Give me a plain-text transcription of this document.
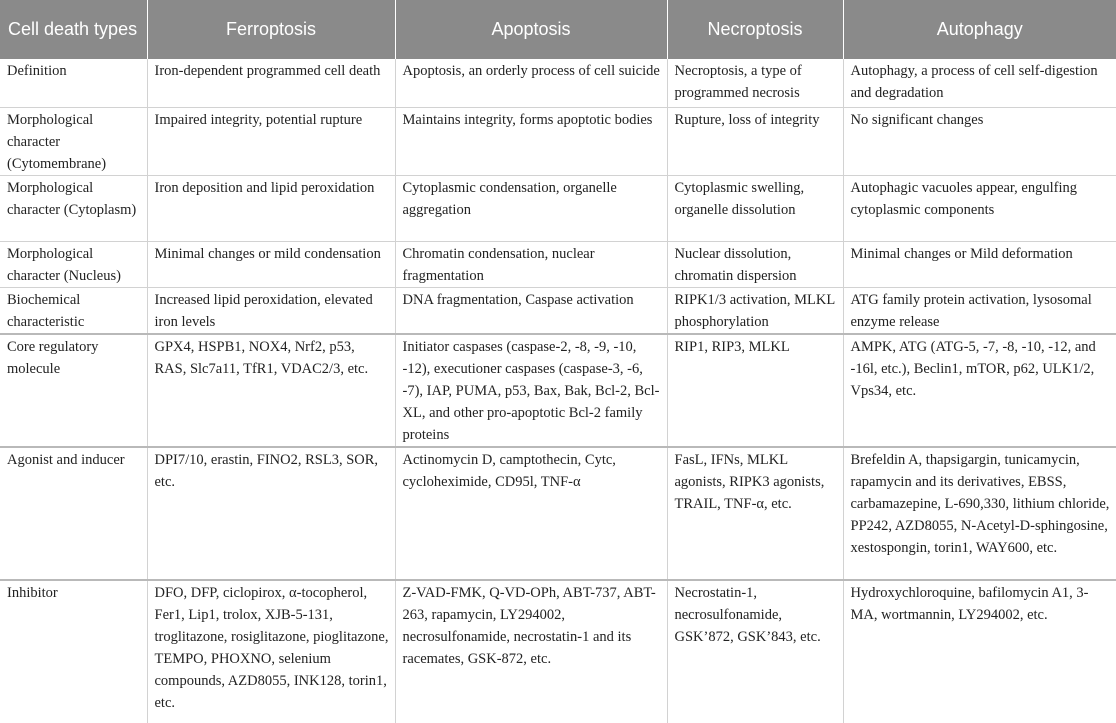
Cell death types	Ferroptosis	Apoptosis	Necroptosis	Autophagy
Definition	Iron-dependent programmed cell death	Apoptosis, an orderly process of cell suicide	Necroptosis, a type of programmed necrosis	Autophagy, a process of cell self-digestion and degradation
Morphological character (Cytomembrane)	Impaired integrity, potential rupture	Maintains integrity, forms apoptotic bodies	Rupture, loss of integrity	No significant changes
Morphological character (Cytoplasm)	Iron deposition and lipid peroxidation	Cytoplasmic condensation, organelle aggregation	Cytoplasmic swelling, organelle dissolution	Autophagic vacuoles appear, engulfing cytoplasmic components
Morphological character (Nucleus)	Minimal changes or mild condensation	Chromatin condensation, nuclear fragmentation	Nuclear dissolution, chromatin dispersion	Minimal changes or Mild deformation
Biochemical characteristic	Increased lipid peroxidation, elevated iron levels	DNA fragmentation, Caspase activation	RIPK1/3 activation, MLKL phosphorylation	ATG family protein activation, lysosomal enzyme release
Core regulatory molecule	GPX4, HSPB1, NOX4, Nrf2, p53, RAS, Slc7a11, TfR1, VDAC2/3, etc.	Initiator caspases (caspase-2, -8, -9, -10, -12), executioner caspases (caspase-3, -6, -7), IAP, PUMA, p53, Bax, Bak, Bcl-2, Bcl-XL, and other pro-apoptotic Bcl-2 family proteins	RIP1, RIP3, MLKL	AMPK, ATG (ATG-5, -7, -8, -10, -12, and -16l, etc.), Beclin1, mTOR, p62, ULK1/2, Vps34, etc.
Agonist and inducer	DPI7/10, erastin, FINO2, RSL3, SOR, etc.	Actinomycin D, camptothecin, Cytc, cycloheximide, CD95l, TNF-α	FasL, IFNs, MLKL agonists, RIPK3 agonists, TRAIL, TNF-α, etc.	Brefeldin A, thapsigargin, tunicamycin, rapamycin and its derivatives, EBSS, carbamazepine, L-690,330, lithium chloride, PP242, AZD8055, N-Acetyl-D-sphingosine, xestospongin, torin1, WAY600, etc.
Inhibitor	DFO, DFP, ciclopirox, α-tocopherol, Fer1, Lip1, trolox, XJB-5-131, troglitazone, rosiglitazone, pioglitazone, TEMPO, PHOXNO, selenium compounds, AZD8055, INK128, torin1, etc.	Z-VAD-FMK, Q-VD-OPh, ABT-737, ABT-263, rapamycin, LY294002, necrosulfonamide, necrostatin-1 and its racemates, GSK-872, etc.	Necrostatin-1, necrosulfonamide, GSK’872, GSK’843, etc.	Hydroxychloroquine, bafilomycin A1, 3-MA, wortmannin, LY294002, etc.
